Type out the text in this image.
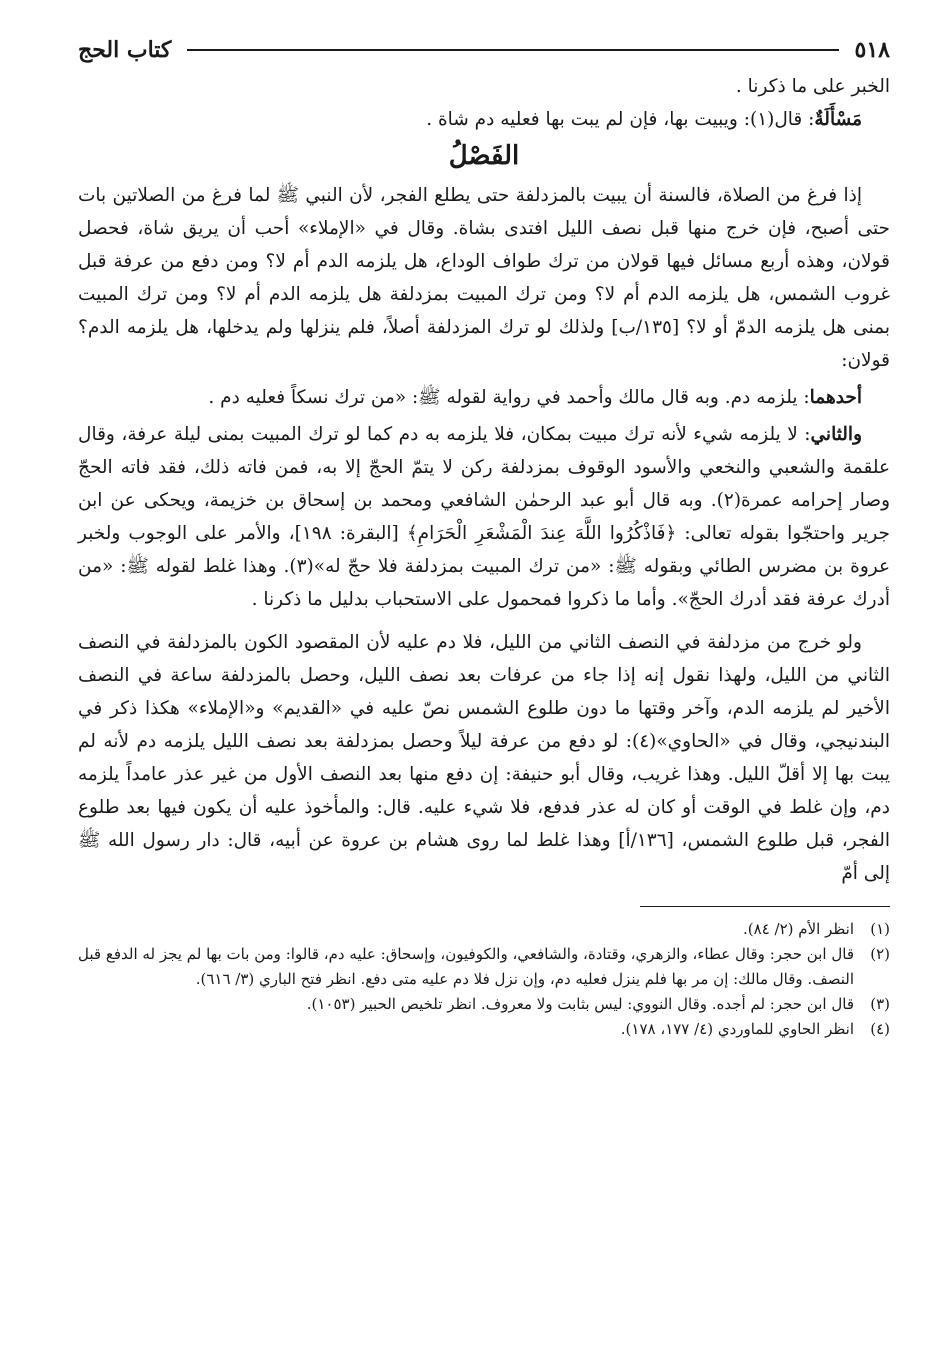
٥١٨
كتاب الحج

الخبر على ما ذكرنا .

مَسْأَلَةٌ: قال(١): ويبيت بها، فإن لم يبت بها فعليه دم شاة .

الفَصْلُ

إذا فرغ من الصلاة، فالسنة أن يبيت بالمزدلفة حتى يطلع الفجر، لأن النبي ﷺ لما فرغ من الصلاتين بات حتى أصبح، فإن خرج منها قبل نصف الليل افتدى بشاة. وقال في «الإملاء» أحب أن يريق شاة، فحصل قولان، وهذه أربع مسائل فيها قولان من ترك طواف الوداع، هل يلزمه الدم أم لا؟ ومن دفع من عرفة قبل غروب الشمس، هل يلزمه الدم أم لا؟ ومن ترك المبيت بمزدلفة هل يلزمه الدم أم لا؟ ومن ترك المبيت بمنى هل يلزمه الدمّ أو لا؟ [١٣٥/ب] ولذلك لو ترك المزدلفة أصلاً، فلم ينزلها ولم يدخلها، هل يلزمه الدم؟ قولان:

أحدهما: يلزمه دم. وبه قال مالك وأحمد في رواية لقوله ﷺ: «من ترك نسكاً فعليه دم .

والثاني: لا يلزمه شيء لأنه ترك مبيت بمكان، فلا يلزمه به دم كما لو ترك المبيت بمنى ليلة عرفة، وقال علقمة والشعبي والنخعي والأسود الوقوف بمزدلفة ركن لا يتمّ الحجّ إلا به، فمن فاته ذلك، فقد فاته الحجّ وصار إحرامه عمرة(٢). وبه قال أبو عبد الرحمٰن الشافعي ومحمد بن إسحاق بن خزيمة، ويحكى عن ابن جرير واحتجّوا بقوله تعالى: ﴿فَاذْكُرُوا اللَّهَ عِندَ الْمَشْعَرِ الْحَرَامِ﴾ [البقرة: ١٩٨]، والأمر على الوجوب ولخبر عروة بن مضرس الطائي وبقوله ﷺ: «من ترك المبيت بمزدلفة فلا حجّ له»(٣). وهذا غلط لقوله ﷺ: «من أدرك عرفة فقد أدرك الحجّ». وأما ما ذكروا فمحمول على الاستحباب بدليل ما ذكرنا .

ولو خرج من مزدلفة في النصف الثاني من الليل، فلا دم عليه لأن المقصود الكون بالمزدلفة في النصف الثاني من الليل، ولهذا نقول إنه إذا جاء من عرفات بعد نصف الليل، وحصل بالمزدلفة ساعة في النصف الأخير لم يلزمه الدم، وآخر وقتها ما دون طلوع الشمس نصّ عليه في «القديم» و«الإملاء» هكذا ذكر في البندنيجي، وقال في «الحاوي»(٤): لو دفع من عرفة ليلاً وحصل بمزدلفة بعد نصف الليل يلزمه دم لأنه لم يبت بها إلا أقلّ الليل. وهذا غريب، وقال أبو حنيفة: إن دفع منها بعد النصف الأول من غير عذر عامداً يلزمه دم، وإن غلط في الوقت أو كان له عذر فدفع، فلا شيء عليه. قال: والمأخوذ عليه أن يكون فيها بعد طلوع الفجر، قبل طلوع الشمس، [١٣٦/أ] وهذا غلط لما روى هشام بن عروة عن أبيه، قال: دار رسول الله ﷺ إلى أمّ

(١)
انظر الأم (٢/ ٨٤).
(٢)
قال ابن حجر: وقال عطاء، والزهري، وقتادة، والشافعي، والكوفيون، وإسحاق: عليه دم، قالوا: ومن بات بها لم يجز له الدفع قبل النصف. وقال مالك: إن مر بها فلم ينزل فعليه دم، وإن نزل فلا دم عليه متى دفع. انظر فتح الباري (٣/ ٦١٦).
(٣)
قال ابن حجر: لم أجده. وقال النووي: ليس بثابت ولا معروف. انظر تلخيص الحبير (١٠٥٣).
(٤)
انظر الحاوي للماوردي (٤/ ١٧٧، ١٧٨).
